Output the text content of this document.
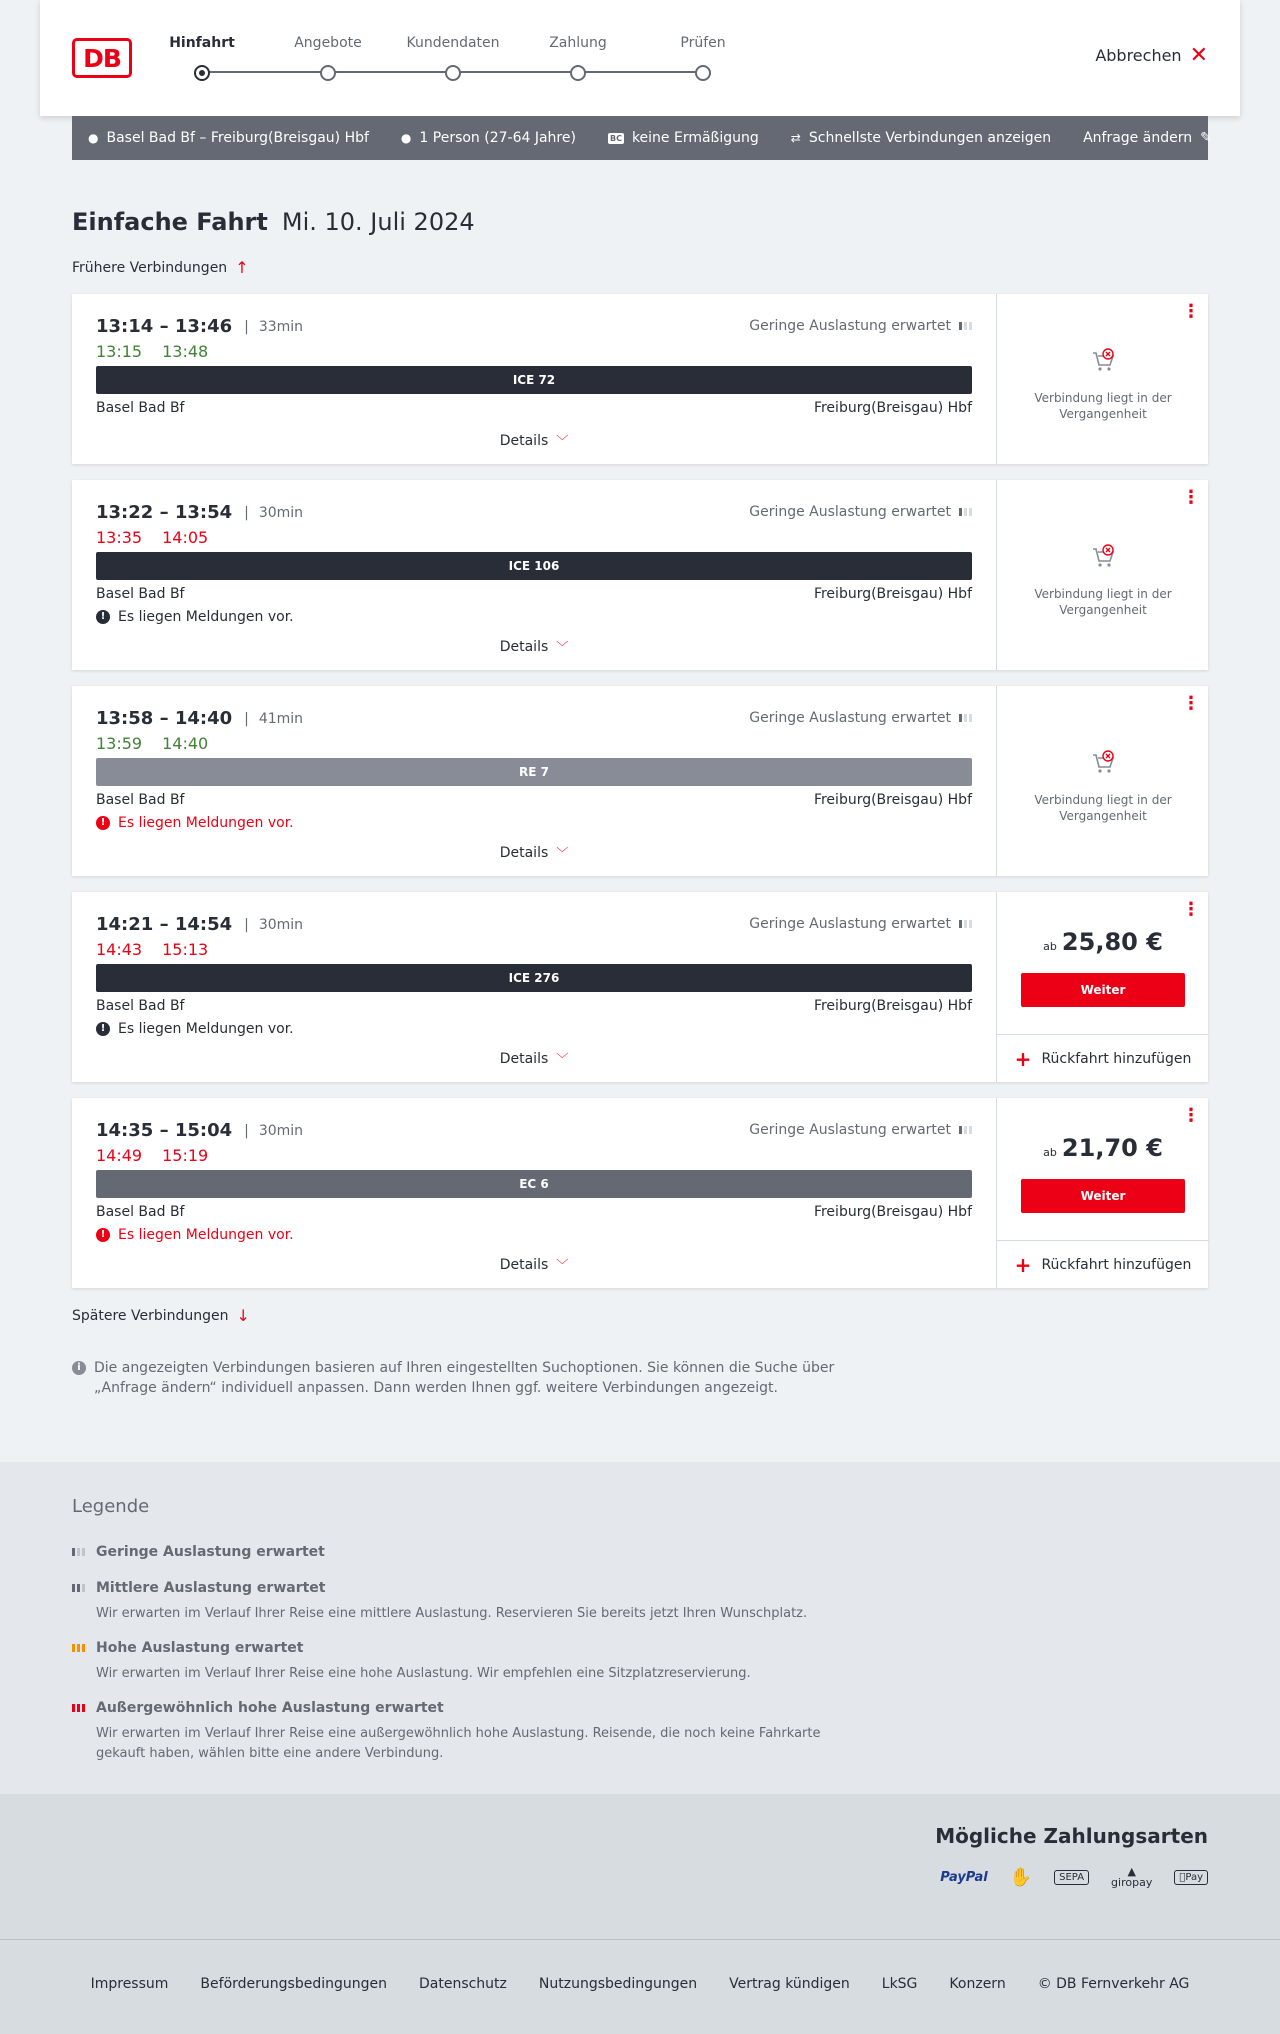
DB
Hinfahrt	Angebote	Kundendaten	Zahlung	Prüfen
Abbrechen ✕
● Basel Bad Bf – Freiburg(Breisgau) Hbf	● 1 Person (27-64 Jahre)	BC keine Ermäßigung	⇄ Schnellste Verbindungen anzeigen Anfrage ändern ✎
Einfache Fahrt Mi. 10. Juli 2024
Frühere Verbindungen ↑
13:14 – 13:46 | 33min
13:15 13:48
Geringe Auslastung erwartet
ICE 72
Basel Bad Bf	Freiburg(Breisgau) Hbf
Details ﹀
⋮
Verbindung liegt in der Vergangenheit
13:22 – 13:54 | 30min
13:35 14:05
Geringe Auslastung erwartet
ICE 106
Basel Bad Bf	Freiburg(Breisgau) Hbf
! Es liegen Meldungen vor.
Details ﹀
⋮
Verbindung liegt in der Vergangenheit
13:58 – 14:40 | 41min
13:59 14:40
Geringe Auslastung erwartet
RE 7
Basel Bad Bf	Freiburg(Breisgau) Hbf
! Es liegen Meldungen vor.
Details ﹀
⋮
Verbindung liegt in der Vergangenheit
14:21 – 14:54 | 30min
14:43 15:13
Geringe Auslastung erwartet
ICE 276
Basel Bad Bf	Freiburg(Breisgau) Hbf
! Es liegen Meldungen vor.
Details ﹀
⋮
ab 25,80 €
Weiter
+ Rückfahrt hinzufügen
14:35 – 15:04 | 30min
14:49 15:19
Geringe Auslastung erwartet
EC 6
Basel Bad Bf	Freiburg(Breisgau) Hbf
! Es liegen Meldungen vor.
Details ﹀
⋮
ab 21,70 €
Weiter
+ Rückfahrt hinzufügen
Spätere Verbindungen ↓
i Die angezeigten Verbindungen basieren auf Ihren eingestellten Suchoptionen. Sie können die Suche über „Anfrage ändern“ individuell anpassen. Dann werden Ihnen ggf. weitere Verbindungen angezeigt.
Legende
Geringe Auslastung erwartet
Mittlere Auslastung erwartet
Wir erwarten im Verlauf Ihrer Reise eine mittlere Auslastung. Reservieren Sie bereits jetzt Ihren Wunschplatz.
Hohe Auslastung erwartet
Wir erwarten im Verlauf Ihrer Reise eine hohe Auslastung. Wir empfehlen eine Sitzplatzreservierung.
Außergewöhnlich hohe Auslastung erwartet
Wir erwarten im Verlauf Ihrer Reise eine außergewöhnlich hohe Auslastung. Reisende, die noch keine Fahrkarte gekauft haben, wählen bitte eine andere Verbindung.
Mögliche Zahlungsarten
PayPal	✋	SEPA	▲
giropay	Pay
Impressum Beförderungsbedingungen Datenschutz Nutzungsbedingungen Vertrag kündigen LkSG Konzern © DB Fernverkehr AG
